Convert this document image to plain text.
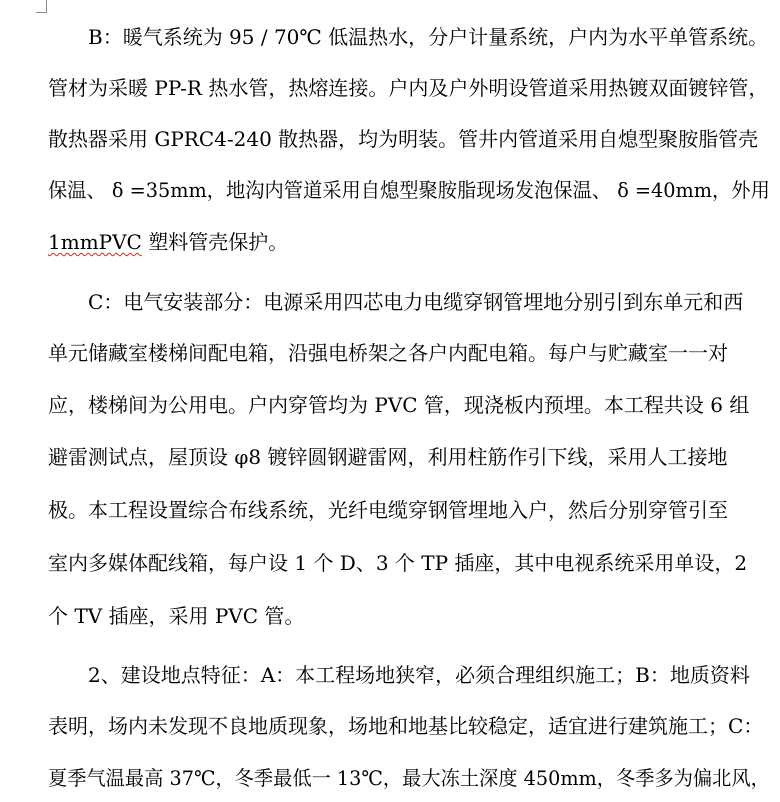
B：暖气系统为 95 / 70℃ 低温热水，分户计量系统，户内为水平单管系统。
管材为采暖 PP-R 热水管，热熔连接。户内及户外明设管道采用热镀双面镀锌管，
散热器采用 GPRC4-240 散热器，均为明装。管井内管道采用自熄型聚胺脂管壳
保温、 δ =35mm，地沟内管道采用自熄型聚胺脂现场发泡保温、 δ =40mm，外用
1mmPVC 塑料管壳保护。
C：电气安装部分：电源采用四芯电力电缆穿钢管埋地分别引到东单元和西
单元储藏室楼梯间配电箱，沿强电桥架之各户内配电箱。每户与贮藏室一一对
应，楼梯间为公用电。户内穿管均为 PVC 管，现浇板内预埋。本工程共设 6 组
避雷测试点，屋顶设 φ8 镀锌圆钢避雷网，利用柱筋作引下线，采用人工接地
极。本工程设置综合布线系统，光纤电缆穿钢管埋地入户，然后分别穿管引至
室内多媒体配线箱，每户设 1 个 D、3 个 TP 插座，其中电视系统采用单设，2
个 TV 插座，采用 PVC 管。
2、建设地点特征：A：本工程场地狭窄，必须合理组织施工；B：地质资料
表明，场内未发现不良地质现象，场地和地基比较稳定，适宜进行建筑施工；C：
夏季气温最高 37℃，冬季最低一 13℃，最大冻土深度 450mm，冬季多为偏北风，
